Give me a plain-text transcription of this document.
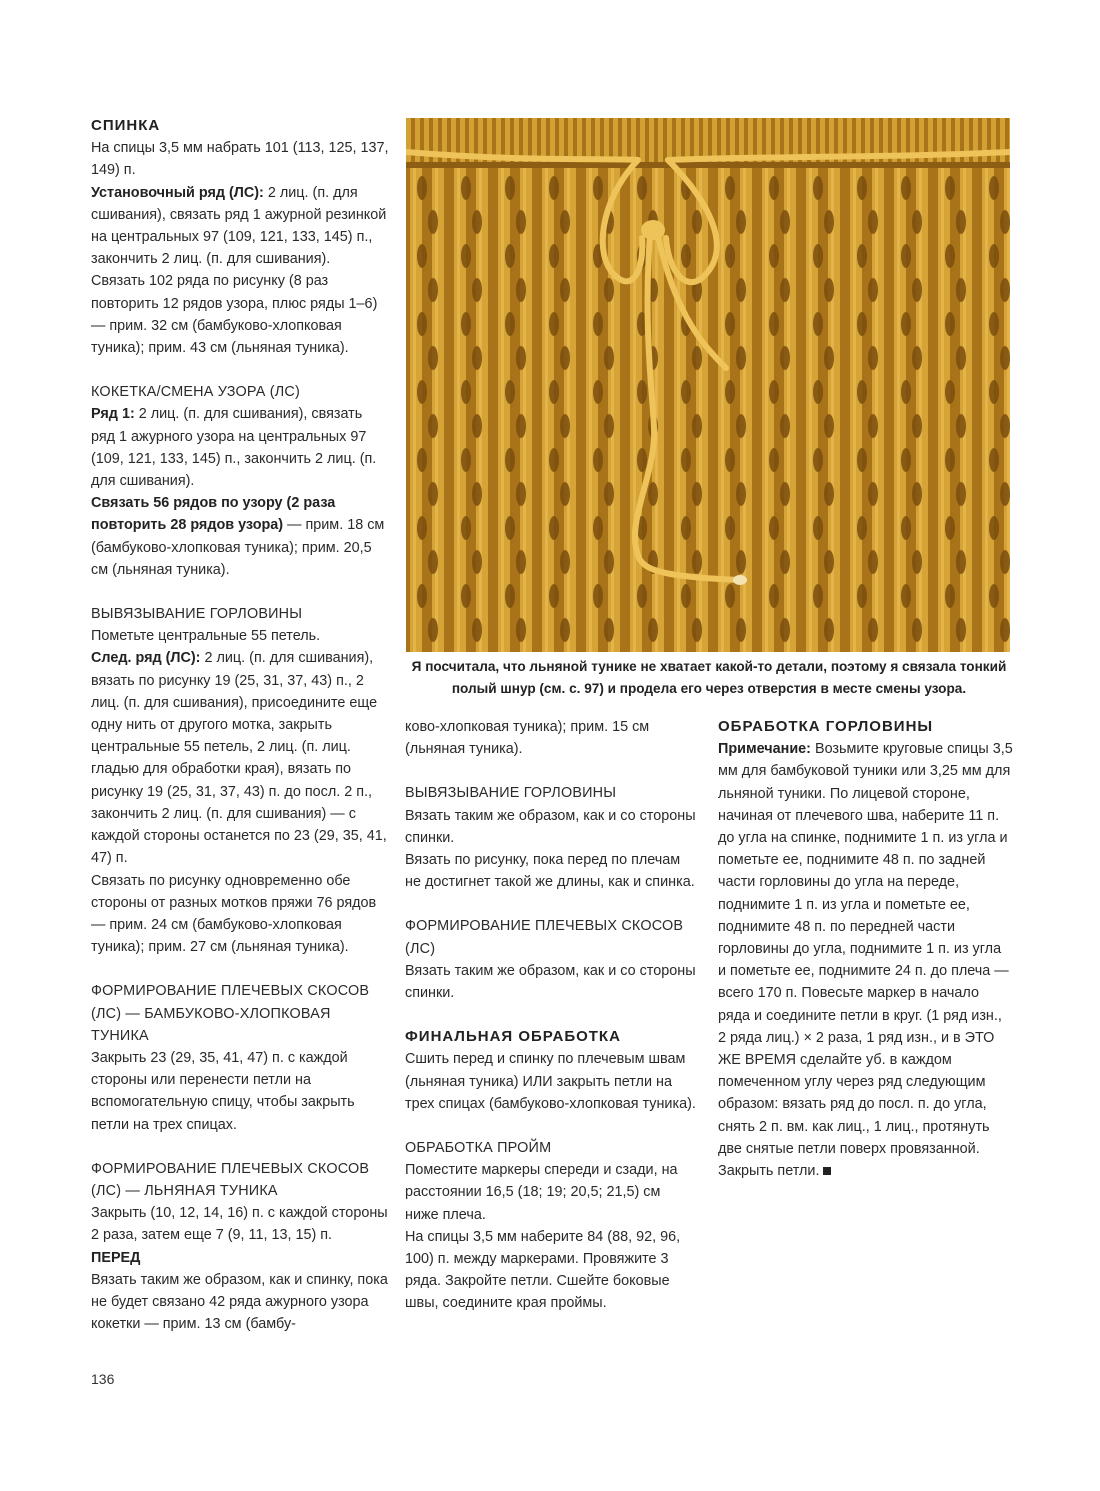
СПИНКА

На спицы 3,5 мм набрать 101 (113, 125, 137, 149) п.

Установочный ряд (ЛС): 2 лиц. (п. для сшивания), связать ряд 1 ажурной резинкой на центральных 97 (109, 121, 133, 145) п., закончить 2 лиц. (п. для сшивания).

Связать 102 ряда по рисунку (8 раз повторить 12 рядов узора, плюс ряды 1–6) — прим. 32 см (бамбуково-хлопковая туника); прим. 43 см (льняная туника).

КОКЕТКА/СМЕНА УЗОРА (ЛС)

Ряд 1: 2 лиц. (п. для сшивания), связать ряд 1 ажурного узора на центральных 97 (109, 121, 133, 145) п., закончить 2 лиц. (п. для сшивания).

Связать 56 рядов по узору (2 раза повторить 28 рядов узора) — прим. 18 см (бамбуково-хлопковая туника); прим. 20,5 см (льняная туника).

ВЫВЯЗЫВАНИЕ ГОРЛОВИНЫ

Пометьте центральные 55 петель.

След. ряд (ЛС): 2 лиц. (п. для сшивания), вязать по рисунку 19 (25, 31, 37, 43) п., 2 лиц. (п. для сшивания), присоедините еще одну нить от другого мотка, закрыть центральные 55 петель, 2 лиц. (п. лиц. гладью для обработки края), вязать по рисунку 19 (25, 31, 37, 43) п. до посл. 2 п., закончить 2 лиц. (п. для сшивания) — с каждой стороны останется по 23 (29, 35, 41, 47) п.

Связать по рисунку одновременно обе стороны от разных мотков пряжи 76 рядов — прим. 24 см (бамбуково-хлопковая туника); прим. 27 см (льняная туника).

ФОРМИРОВАНИЕ ПЛЕЧЕВЫХ СКОСОВ (ЛС) — БАМБУКОВО-ХЛОПКОВАЯ ТУНИКА

Закрыть 23 (29, 35, 41, 47) п. с каждой стороны или перенести петли на вспомогательную спицу, чтобы закрыть петли на трех спицах.

ФОРМИРОВАНИЕ ПЛЕЧЕВЫХ СКОСОВ (ЛС) — ЛЬНЯНАЯ ТУНИКА

Закрыть (10, 12, 14, 16) п. с каждой стороны 2 раза, затем еще 7 (9, 11, 13, 15) п.

ПЕРЕД

Вязать таким же образом, как и спинку, пока не будет связано 42 ряда ажурного узора кокетки — прим. 13 см (бамбу-

Я посчитала, что льняной тунике не хватает какой-то детали, поэтому я связала тонкий
полый шнур (см. с. 97) и продела его через отверстия в месте смены узора.

ково-хлопковая туника); прим. 15 см (льняная туника).

ВЫВЯЗЫВАНИЕ ГОРЛОВИНЫ

Вязать таким же образом, как и со стороны спинки.

Вязать по рисунку, пока перед по плечам не достигнет такой же длины, как и спинка.

ФОРМИРОВАНИЕ ПЛЕЧЕВЫХ СКОСОВ (ЛС)

Вязать таким же образом, как и со стороны спинки.

ФИНАЛЬНАЯ ОБРАБОТКА

Сшить перед и спинку по плечевым швам (льняная туника) ИЛИ закрыть петли на трех спицах (бамбуково-хлопковая туника).

ОБРАБОТКА ПРОЙМ

Поместите маркеры спереди и сзади, на расстоянии 16,5 (18; 19; 20,5; 21,5) см ниже плеча.

На спицы 3,5 мм наберите 84 (88, 92, 96, 100) п. между маркерами. Провяжите 3 ряда. Закройте петли. Сшейте боковые швы, соедините края проймы.

ОБРАБОТКА ГОРЛОВИНЫ

Примечание: Возьмите круговые спицы 3,5 мм для бамбуковой туники или 3,25 мм для льняной туники. По лицевой стороне, начиная от плечевого шва, наберите 11 п. до угла на спинке, поднимите 1 п. из угла и пометьте ее, поднимите 48 п. по задней части горловины до угла на переде, поднимите 1 п. из угла и пометьте ее, поднимите 48 п. по передней части горловины до угла, поднимите 1 п. из угла и пометьте ее, поднимите 24 п. до плеча — всего 170 п. Повесьте маркер в начало ряда и соедините петли в круг. (1 ряд изн., 2 ряда лиц.) × 2 раза, 1 ряд изн., и в ЭТО ЖЕ ВРЕМЯ сделайте уб. в каждом помеченном углу через ряд следующим образом: вязать ряд до посл. п. до угла, снять 2 п. вм. как лиц., 1 лиц., протянуть две снятые петли поверх провязанной. Закрыть петли.

136
